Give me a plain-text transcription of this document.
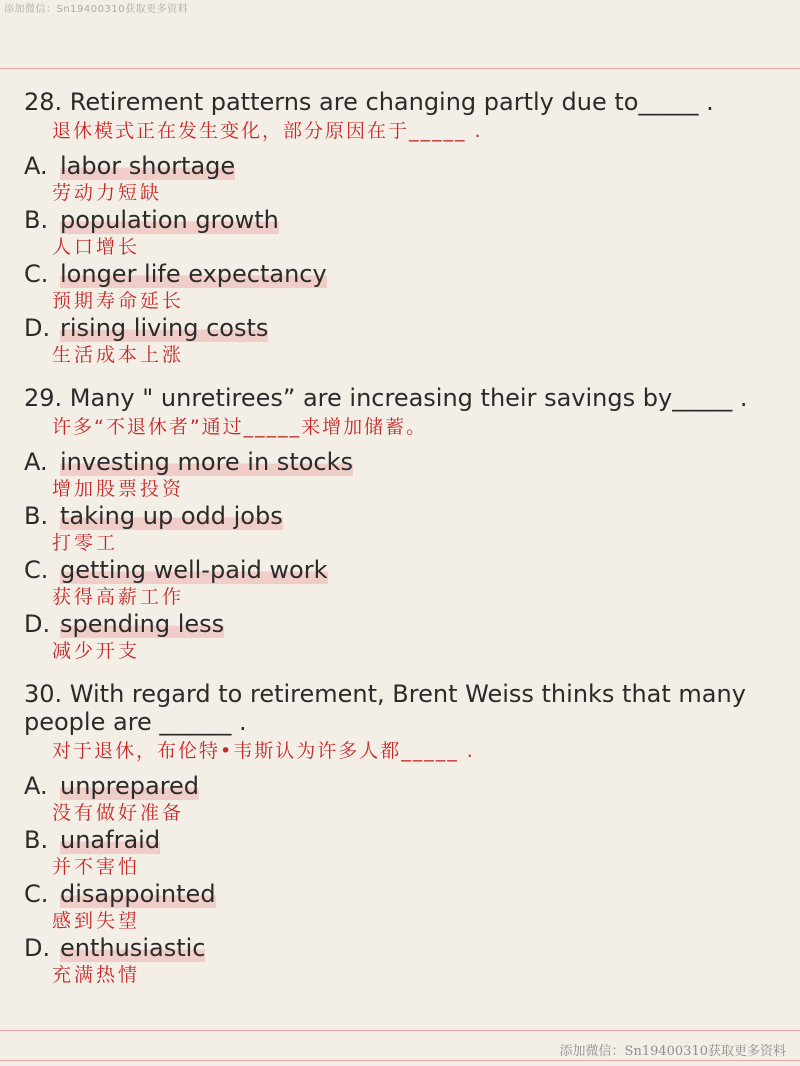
添加微信：Sn19400310获取更多资料

28. Retirement patterns are changing partly due to_____ .

退休模式正在发生变化，部分原因在于_____ .

A. labor shortage

劳动力短缺

B. population growth

人口增长

C. longer life expectancy

预期寿命延长

D. rising living costs

生活成本上涨

29. Many " unretirees” are increasing their savings by_____ .

许多“不退休者”通过_____来增加储蓄。

A. investing more in stocks

增加股票投资

B. taking up odd jobs

打零工

C. getting well-paid work

获得高薪工作

D. spending less

减少开支

30. With regard to retirement, Brent Weiss thinks that many people are ______ .

对于退休，布伦特•韦斯认为许多人都_____ .

A. unprepared

没有做好准备

B. unafraid

并不害怕

C. disappointed

感到失望

D. enthusiastic

充满热情

添加微信：Sn19400310获取更多资料
